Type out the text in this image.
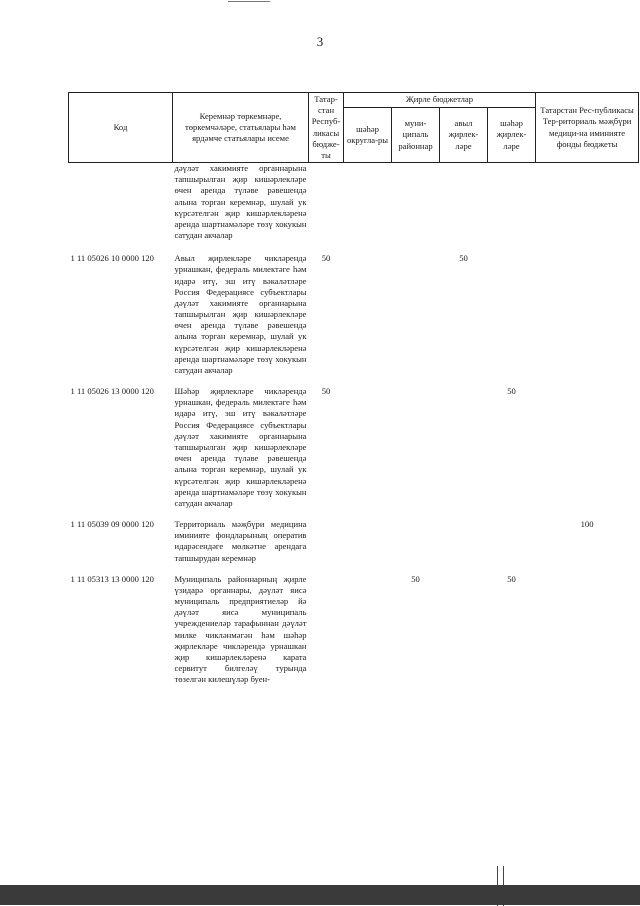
3
Код	Керемнәр төркемнәре, төркемчәләре, статьялары һәм ярдәмче статьялары исеме	Татар-стан Респуб-ликасы бюдже-ты	Җирле бюджетлар				Татарстан Рес-публикасы Тер-риториаль мәҗбүри медици-на иминияте фонды бюджеты
			шәһәр округла-ры	муни-ципаль районнар	авыл җирлек-ләре	шәһәр җирлек-ләре	
	дәүләт хакимияте органнарына тапшырылган җир кишәрлекләре өчен аренда түләве рәвешендә алына торган керемнәр, шулай ук күрсәтелгән җир кишәрлекләренә аренда шартнамәләре төзү хокукын сатудан акчалар						
1 11 05026 10 0000 120	Авыл җирлекләре чикләрендә урнашкан, федераль милектәге һәм идарә итү, эш итү вәкаләтләре Россия Федерациясе субъектлары дәүләт хакимияте органнарына тапшырылган җир кишәрлекләре өчен аренда түләве рәвешендә алына торган керемнәр, шулай ук күрсәтелгән җир кишәрлекләренә аренда шартнамәләре төзү хокукын сатудан акчалар	50			50		
1 11 05026 13 0000 120	Шәһәр җирлекләре чикләрендә урнашкан, федераль милектәге һәм идарә итү, эш итү вәкаләтләре Россия Федерациясе субъектлары дәүләт хакимияте органнарына тапшырылган җир кишәрлекләре өчен аренда түләве рәвешендә алына торган керемнәр, шулай ук күрсәтелгән җир кишәрлекләренә аренда шартнамәләре төзү хокукын сатудан акчалар	50				50	
1 11 05039 09 0000 120	Территориаль мәҗбүри медицина иминияте фондларының оператив идарәсендәге мөлкәтне арендага тапшырудан керемнәр						100
1 11 05313 13 0000 120	Муниципаль районнарның җирле үзидарә органнары, дәүләт яисә муниципаль предприятиеләр йә дәүләт яисә муниципаль учреждениеләр тарафыннан дәүләт милке чикләнмәгән һәм шәһәр җирлекләре чикләрендә урнашкан җир кишәрлекләренә карата сервитут билгеләү турында төзелгән килешүләр буен-			50		50	
